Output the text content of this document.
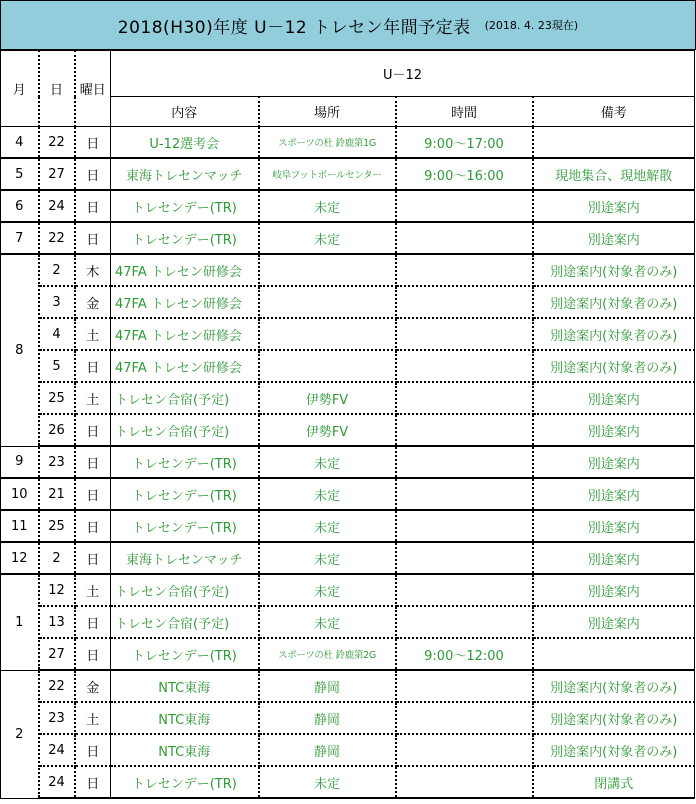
2018(H30)年度 U－12 トレセン年間予定表 (2018. 4. 23現在)
月	日	曜日	U－12			
			内容	場所	時間	備考
4	22	日	U-12選考会	スポーツの杜 鈴鹿第1G	9:00～17:00	
5	27	日	東海トレセンマッチ	岐阜フットボールセンター	9:00～16:00	現地集合、現地解散
6	24	日	トレセンデー(TR)	未定		別途案内
7	22	日	トレセンデー(TR)	未定		別途案内
8	2	木	47FA トレセン研修会			別途案内(対象者のみ)
	3	金	47FA トレセン研修会			別途案内(対象者のみ)
	4	土	47FA トレセン研修会			別途案内(対象者のみ)
	5	日	47FA トレセン研修会			別途案内(対象者のみ)
	25	土	トレセン合宿(予定)	伊勢FV		別途案内
	26	日	トレセン合宿(予定)	伊勢FV		別途案内
9	23	日	トレセンデー(TR)	未定		別途案内
10	21	日	トレセンデー(TR)	未定		別途案内
11	25	日	トレセンデー(TR)	未定		別途案内
12	2	日	東海トレセンマッチ	未定		別途案内
1	12	土	トレセン合宿(予定)	未定		別途案内
	13	日	トレセン合宿(予定)	未定		別途案内
	27	日	トレセンデー(TR)	スポーツの杜 鈴鹿第2G	9:00～12:00	
2	22	金	NTC東海	静岡		別途案内(対象者のみ)
	23	土	NTC東海	静岡		別途案内(対象者のみ)
	24	日	NTC東海	静岡		別途案内(対象者のみ)
	24	日	トレセンデー(TR)	未定		閉講式
